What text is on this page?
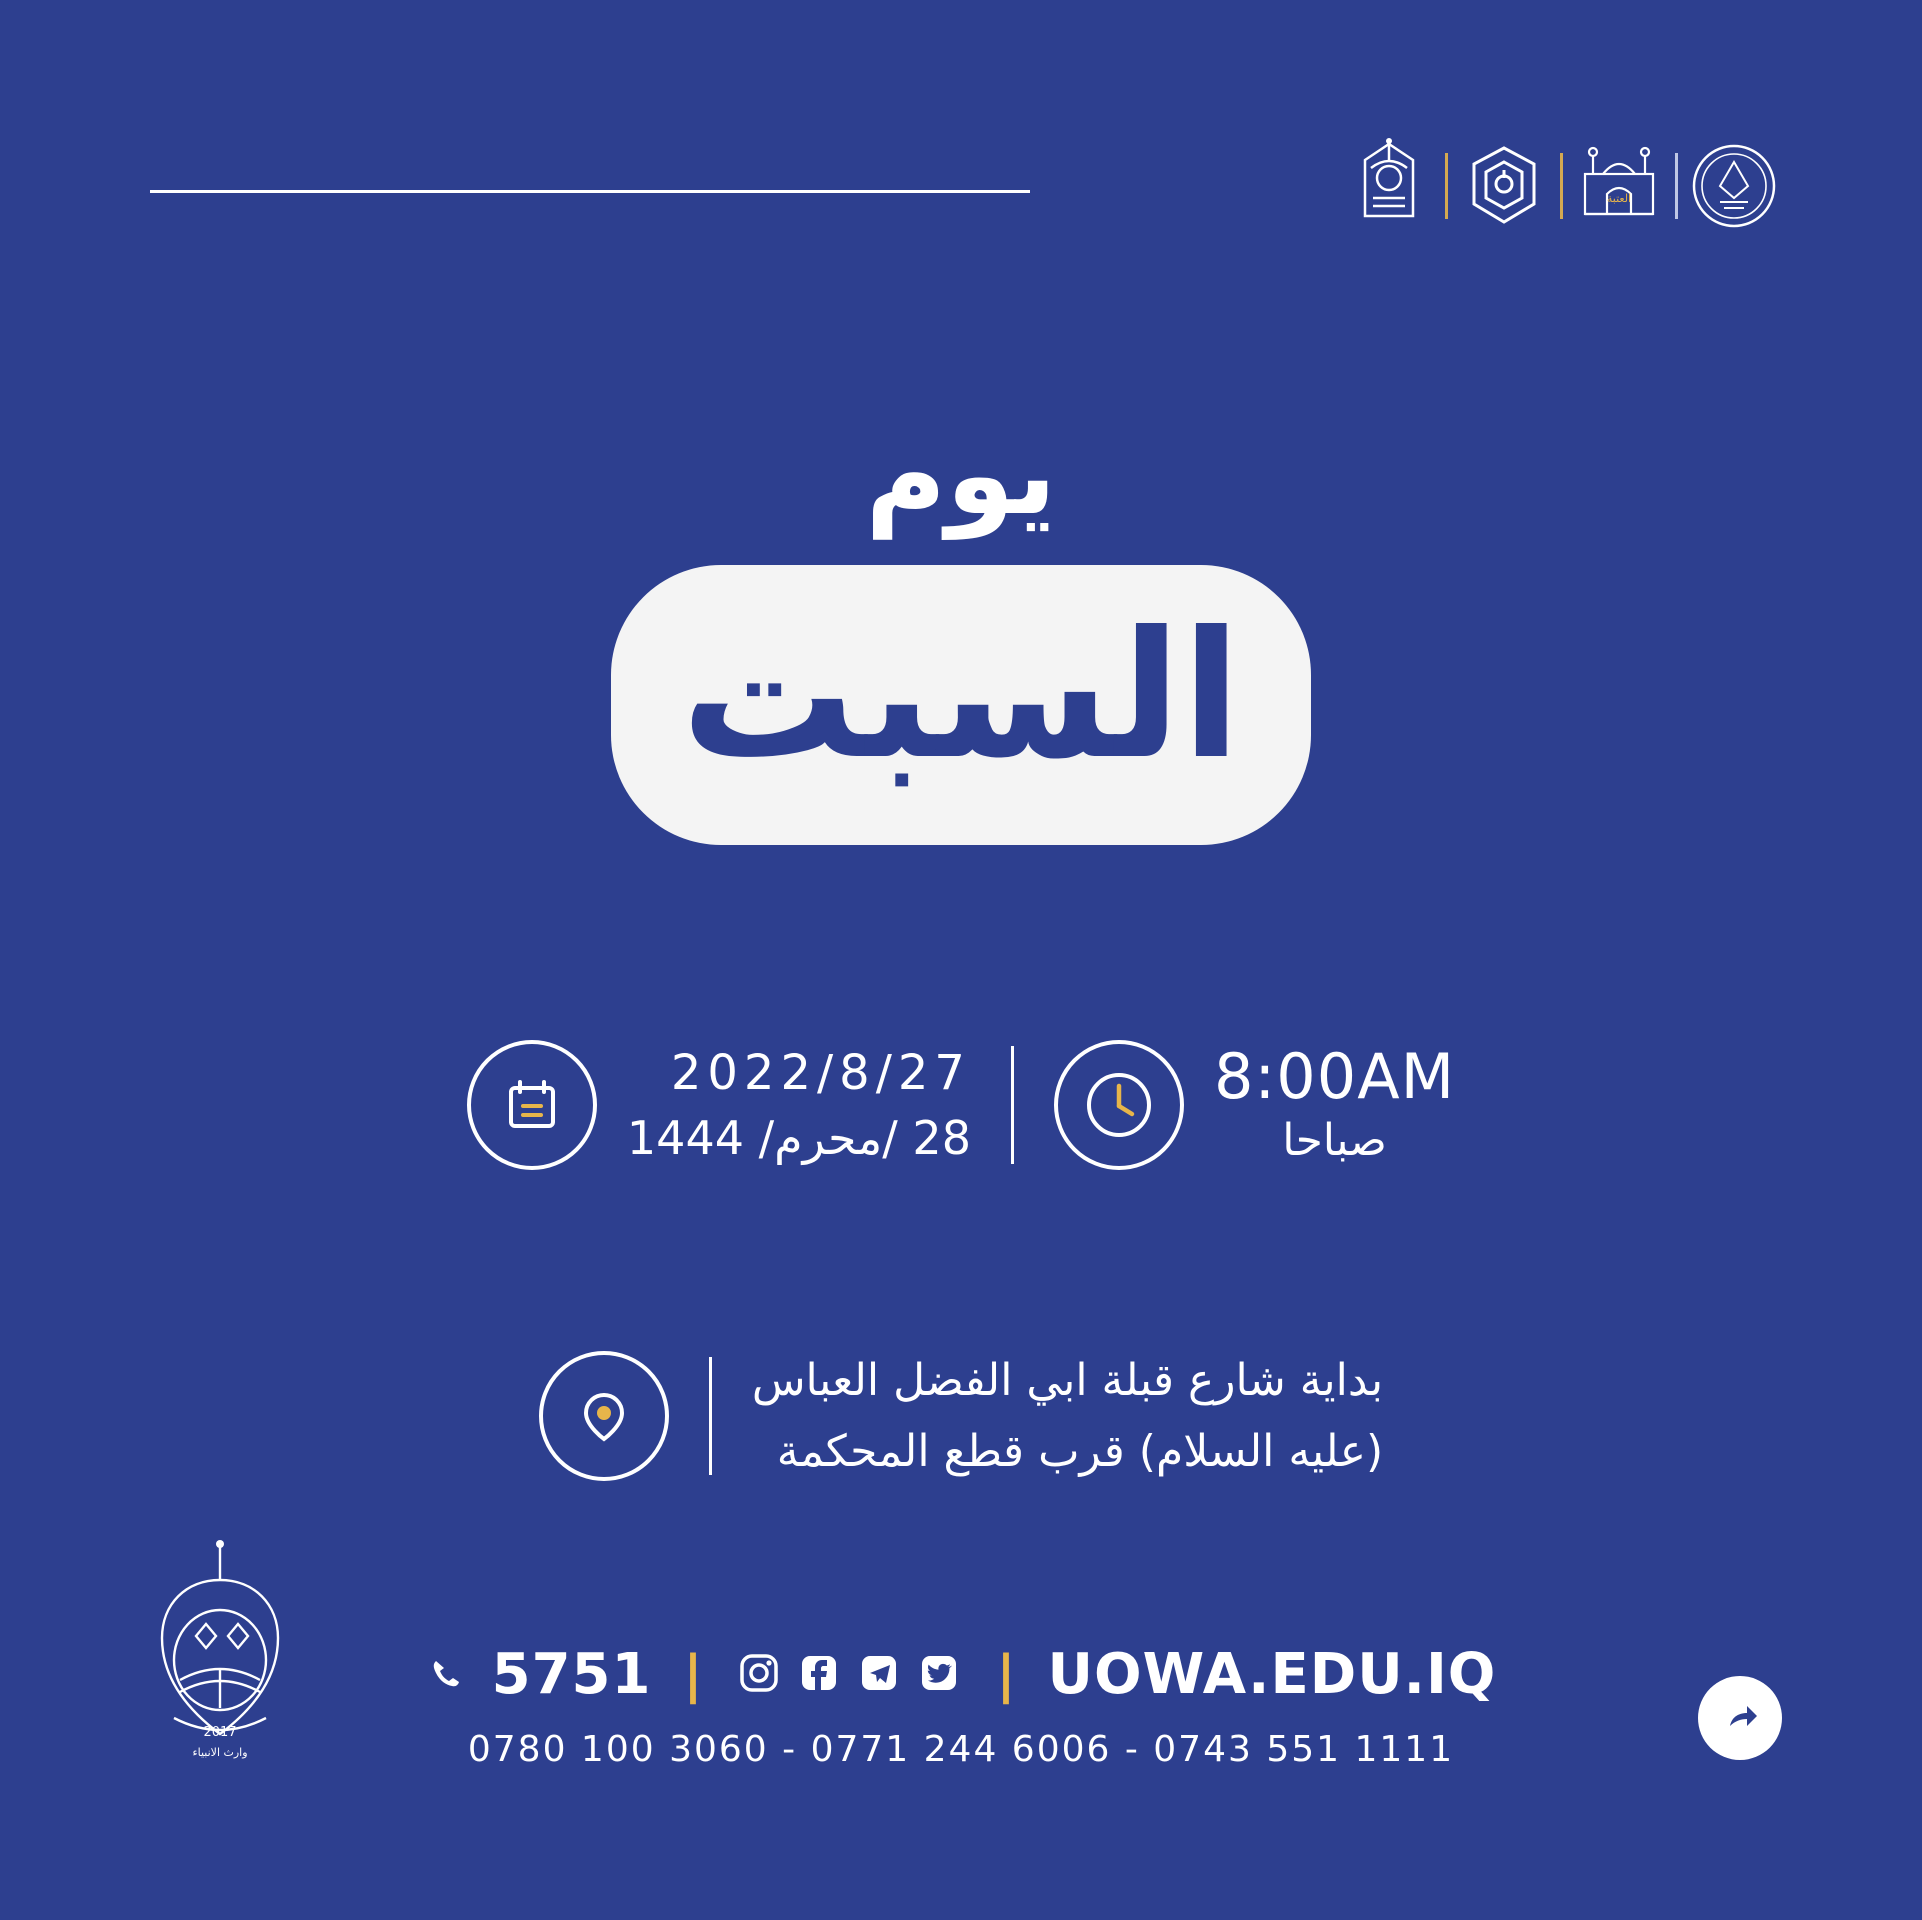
العتبة
يوم
السبت
8:00AM
صباحا
2022/8/27
28 /محرم/ 1444
بداية شارع قبلة ابي الفضل العباس
(عليه السلام) قرب قطع المحكمة
2017
وارث الانبياء
5751 |	| UOWA.EDU.IQ
0780 100 3060 - 0771 244 6006 - 0743 551 1111
